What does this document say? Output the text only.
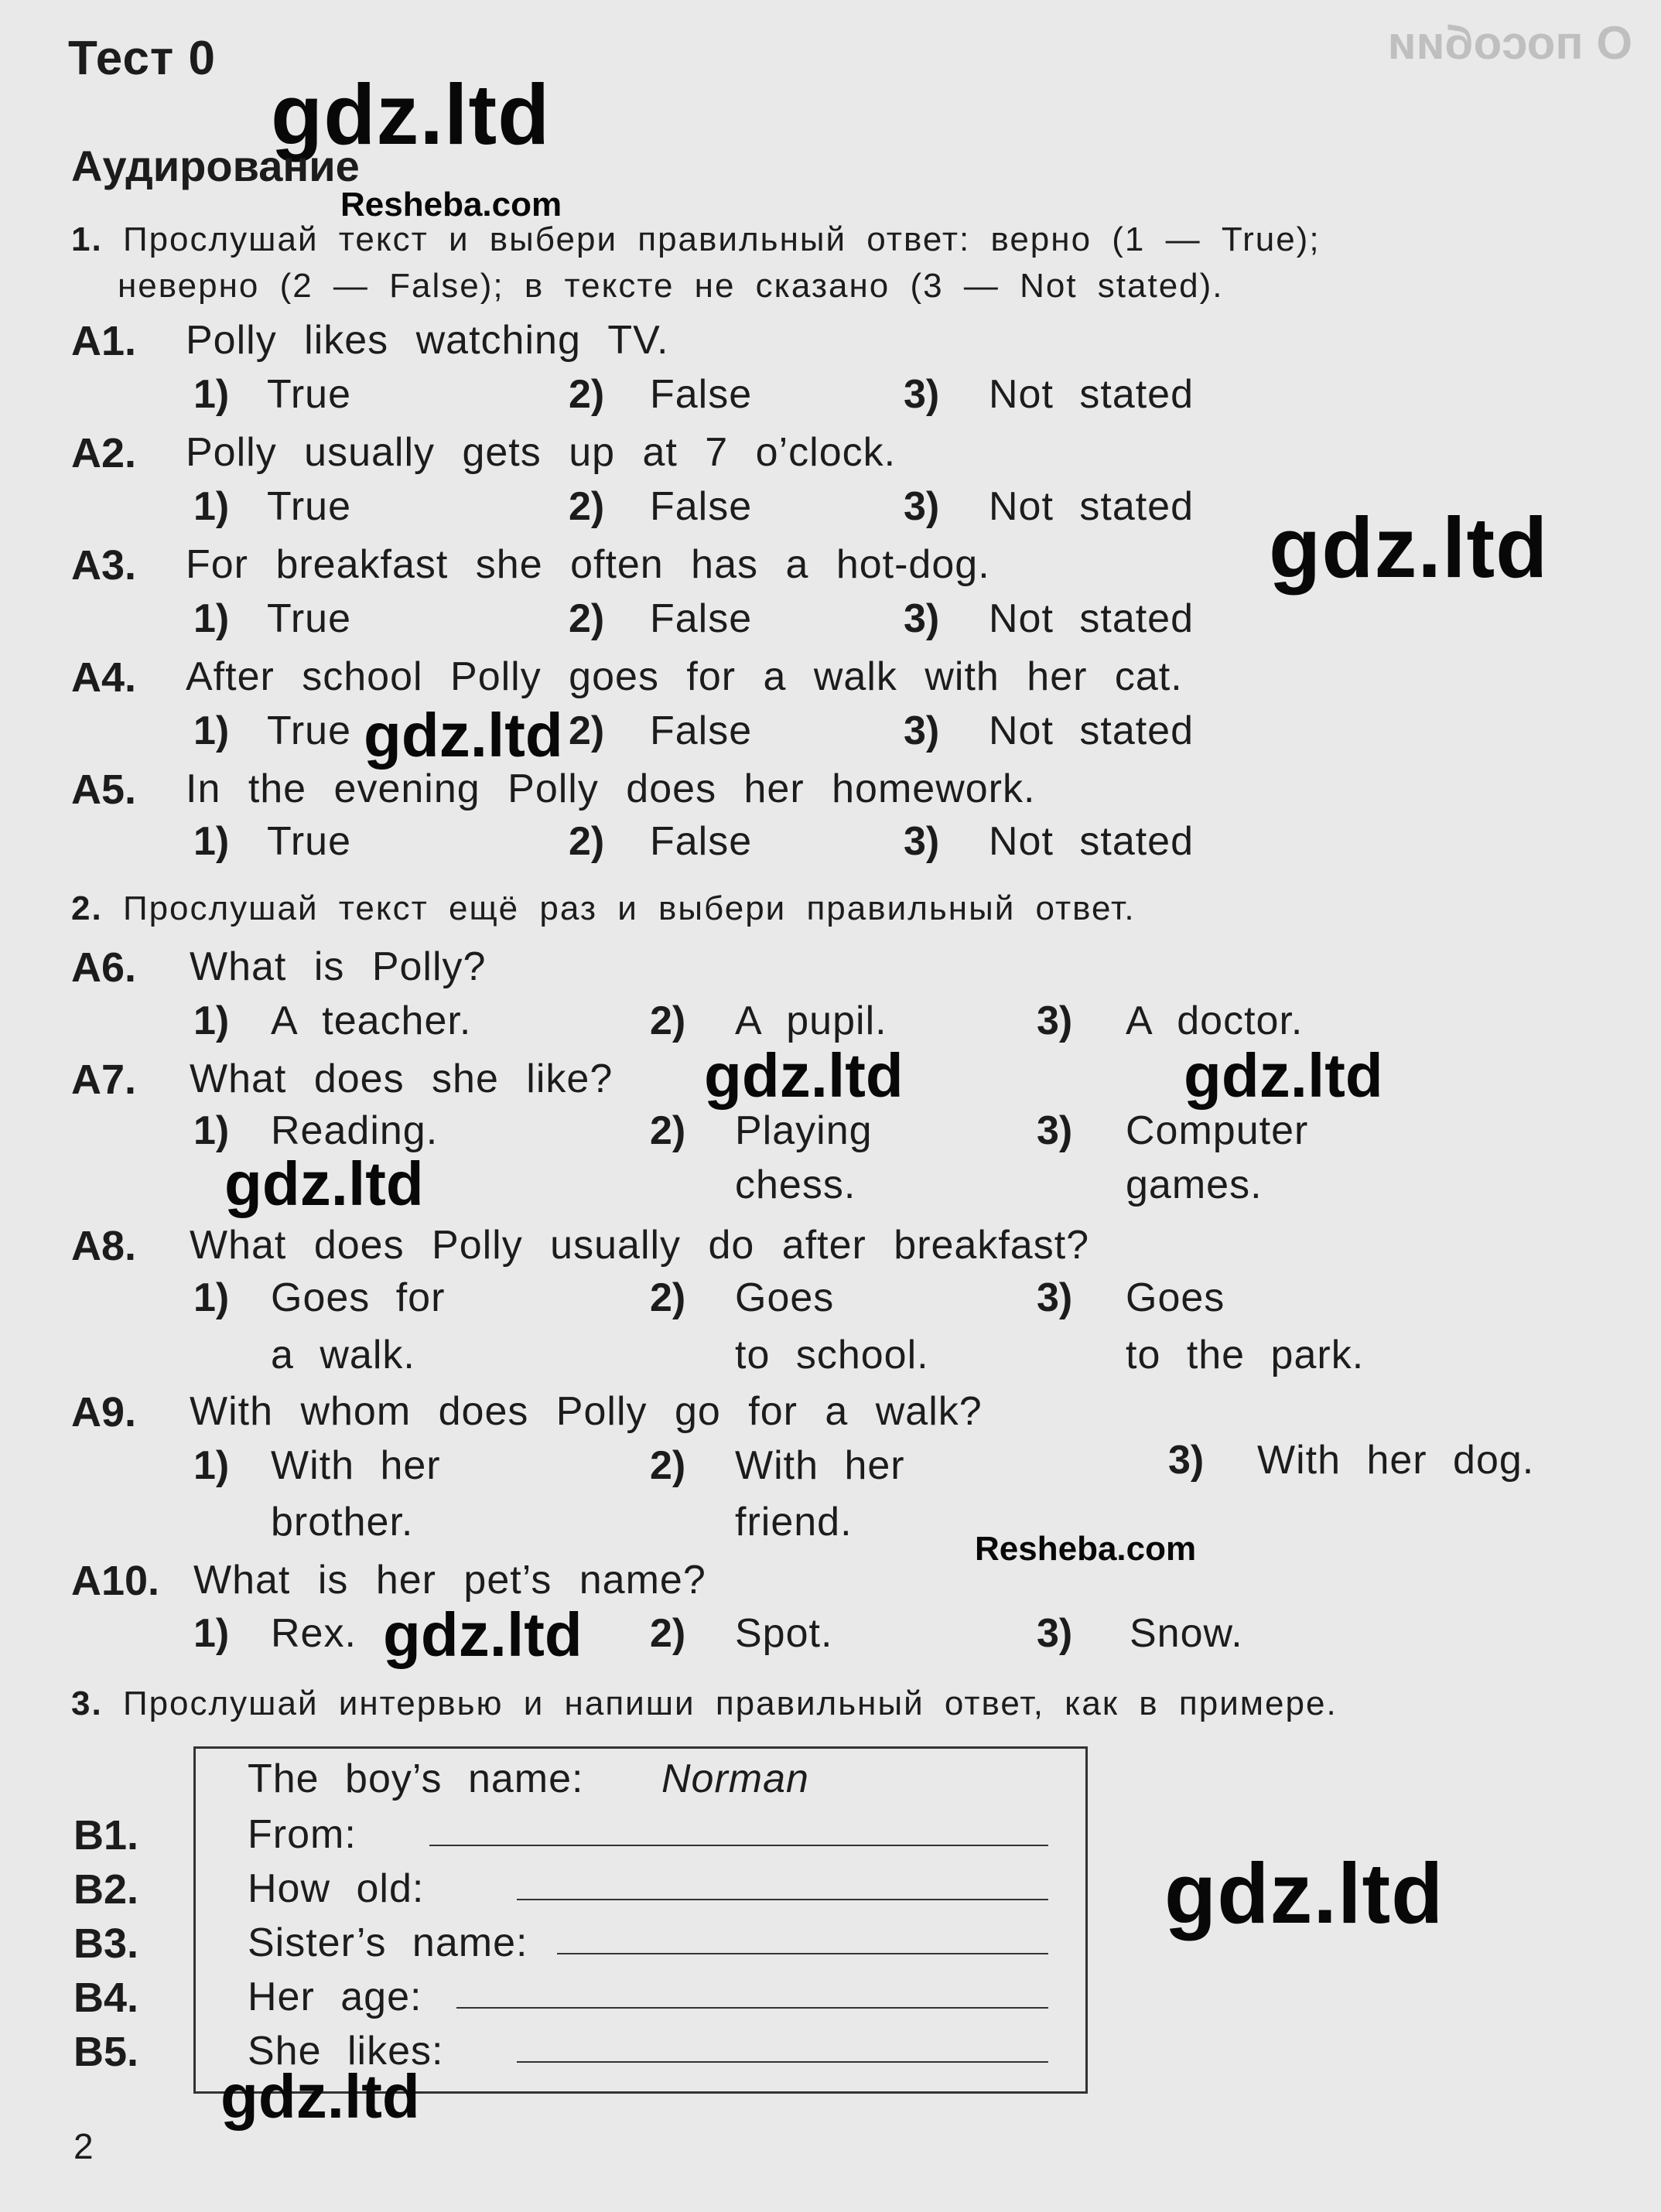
О пособии
Тест 0
gdz.ltd
Аудирование
Resheba.com
1. Прослушай текст и выбери правильный ответ: верно (1 — True);
неверно (2 — False); в тексте не сказано (3 — Not stated).
A1. Polly likes watching TV.
1) True	2) False	3) Not stated
A2. Polly usually gets up at 7 o’clock.
1) True	2) False	3) Not stated gdz.ltd
A3. For breakfast she often has a hot-dog.
1) True	2) False	3) Not stated
A4. After school Polly goes for a walk with her cat.
1) True	2) False	3) Not stated
gdz.ltd
A5. In the evening Polly does her homework.
1) True	2) False	3) Not stated
2. Прослушай текст ещё раз и выбери правильный ответ.
A6. What is Polly?
1) A teacher.	2) A pupil.	3) A doctor.
A7. What does she like? gdz.ltd	gdz.ltd
1) Reading.	2) Playing
chess.
3) Computer
games.
gdz.ltd
A8. What does Polly usually do after breakfast?
1) Goes for
a walk.
2) Goes
to school.
3) Goes
to the park.
A9. With whom does Polly go for a walk?
1) With her
brother.
2) With her
friend.
3) With her dog.
Resheba.com
A10. What is her pet’s name?
1) Rex.	2) Spot.	3) Snow.
gdz.ltd
3. Прослушай интервью и напиши правильный ответ, как в примере.
The boy’s name: Norman
B1.	From:
B2.	How old:
B3.	Sister’s name:
B4.	Her age:
B5.	She likes:
gdz.ltd
gdz.ltd
2
